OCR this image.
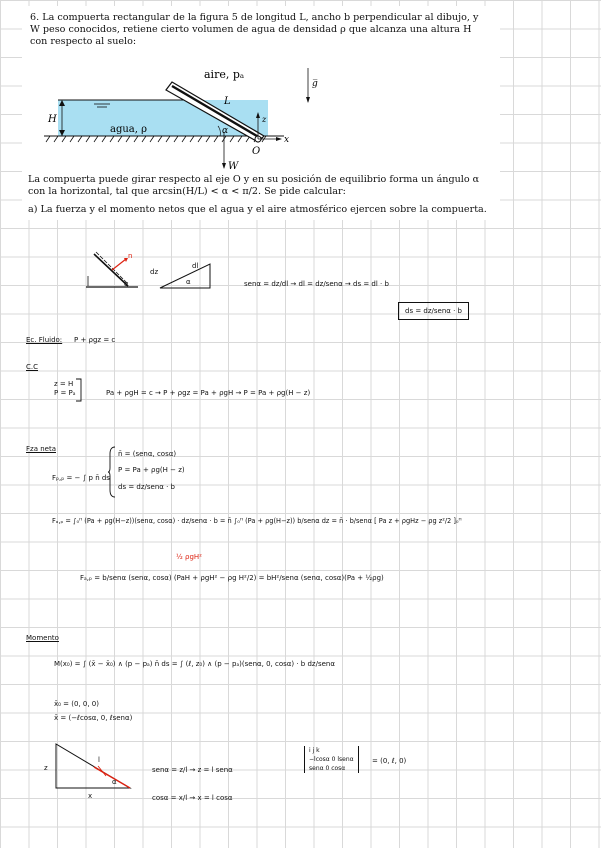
6. La compuerta rectangular de la figura 5 de longitud L, ancho b perpendicular al dibujo, y W peso conocidos, retiene cierto volumen de agua de densidad ρ que alcanza una altura H con respecto al suelo:

aire, pₐ
agua, ρ
L
H
α
O
W
g̅
z
x

La compuerta puede girar respecto al eje O y en su posición de equilibrio forma un ángulo α con la horizontal, tal que arcsin(H/L) < α < π/2. Se pide calcular:

a) La fuerza y el momento netos que el agua y el aire atmosférico ejercen sobre la compuerta.

n
α
dz
dl
α	senα = dz/dl → dl = dz/senα → ds = dl · b
ds = dz/senα · b
Ec. Fluido: P + ρgz = c
C.C
z = H
P = Pₐ	Pa + ρgH = c → P + ρgz = Pa + ρgH → P = Pa + ρg(H − z)
Fza neta
Fₚ,ₚ = − ∫ p n̄ ds
n̄ = (senα, cosα)
P = Pa + ρg(H − z)
ds = dz/senα · b
Fₐ,ₚ = ∫₀ᴴ (Pa + ρg(H−z))(senα, cosα) · dz/senα · b = n̄ ∫₀ᴴ (Pa + ρg(H−z)) b/senα dz = n̄ · b/senα [ Pa z + ρgHz − ρg z²/2 ]₀ᴴ
½ ρgH²
Fₐ,ₚ = b/senα (senα, cosα) (PaH + ρgH² − ρg H²/2) = bH²/senα (senα, cosα)(Pa + ½ρg)
Momento
M(x₀) = ∫ (x̄ − x̄₀) ∧ (p − pₐ) n̄ ds = ∫ (ℓ, z₀) ∧ (p − pₐ)(senα, 0, cosα) · b dz/senα
x̄₀ = (0, 0, 0)
x̄ = (−ℓcosα, 0, ℓsenα)
z
l
x
α
senα = z/l → z = l senα
cosα = x/l → x = l cosα
i j k
−lcosα 0 lsenα
senα 0 cosα
= (0, ℓ, 0)
